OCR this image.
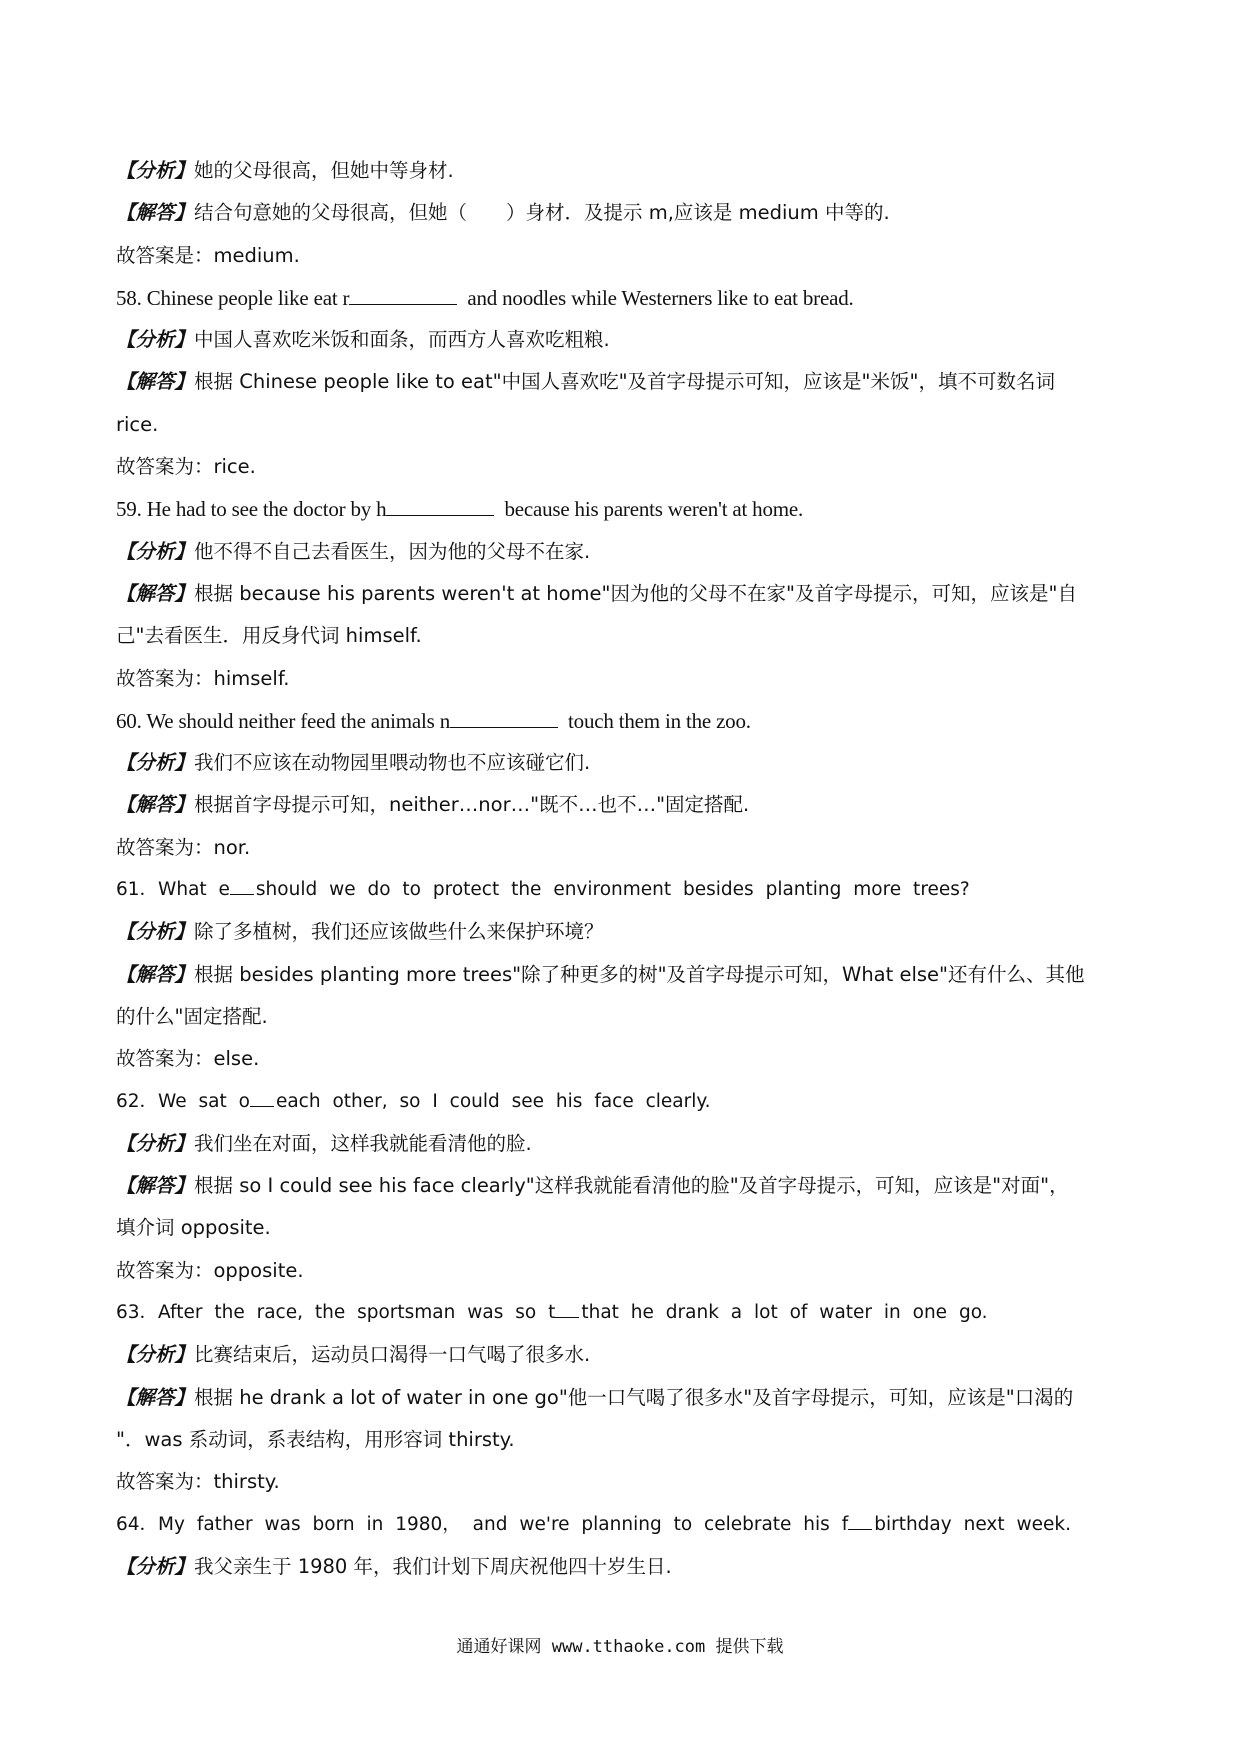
【分析】她的父母很高，但她中等身材.
【解答】结合句意她的父母很高，但她（　　）身材．及提示 m,应该是 medium 中等的.
故答案是：medium.
58. Chinese people like eat r	and noodles while Westerners like to eat bread.
【分析】中国人喜欢吃米饭和面条，而西方人喜欢吃粗粮.
【解答】根据 Chinese people like to eat"中国人喜欢吃"及首字母提示可知，应该是"米饭"，填不可数名词
rice.
故答案为：rice.
59. He had to see the doctor by h	because his parents weren't at home.
【分析】他不得不自己去看医生，因为他的父母不在家.
【解答】根据 because his parents weren't at home"因为他的父母不在家"及首字母提示，可知，应该是"自
己"去看医生．用反身代词 himself.
故答案为：himself.
60. We should neither feed the animals n	touch them in the zoo.
【分析】我们不应该在动物园里喂动物也不应该碰它们.
【解答】根据首字母提示可知，neither…nor…"既不…也不…"固定搭配.
故答案为：nor.
61．What e should we do to protect the environment besides planting more trees?
【分析】除了多植树，我们还应该做些什么来保护环境？
【解答】根据 besides planting more trees"除了种更多的树"及首字母提示可知，What else"还有什么、其他
的什么"固定搭配.
故答案为：else.
62．We sat o each other, so I could see his face clearly.
【分析】我们坐在对面，这样我就能看清他的脸.
【解答】根据 so I could see his face clearly"这样我就能看清他的脸"及首字母提示，可知，应该是"对面"，
填介词 opposite.
故答案为：opposite.
63．After the race, the sportsman was so t that he drank a lot of water in one go.
【分析】比赛结束后，运动员口渴得一口气喝了很多水.
【解答】根据 he drank a lot of water in one go"他一口气喝了很多水"及首字母提示，可知，应该是"口渴的
"．was 系动词，系表结构，用形容词 thirsty.
故答案为：thirsty.
64．My father was born in 1980， and we're planning to celebrate his f birthday next week.
【分析】我父亲生于 1980 年，我们计划下周庆祝他四十岁生日.
通通好课网 www.tthaoke.com 提供下载
